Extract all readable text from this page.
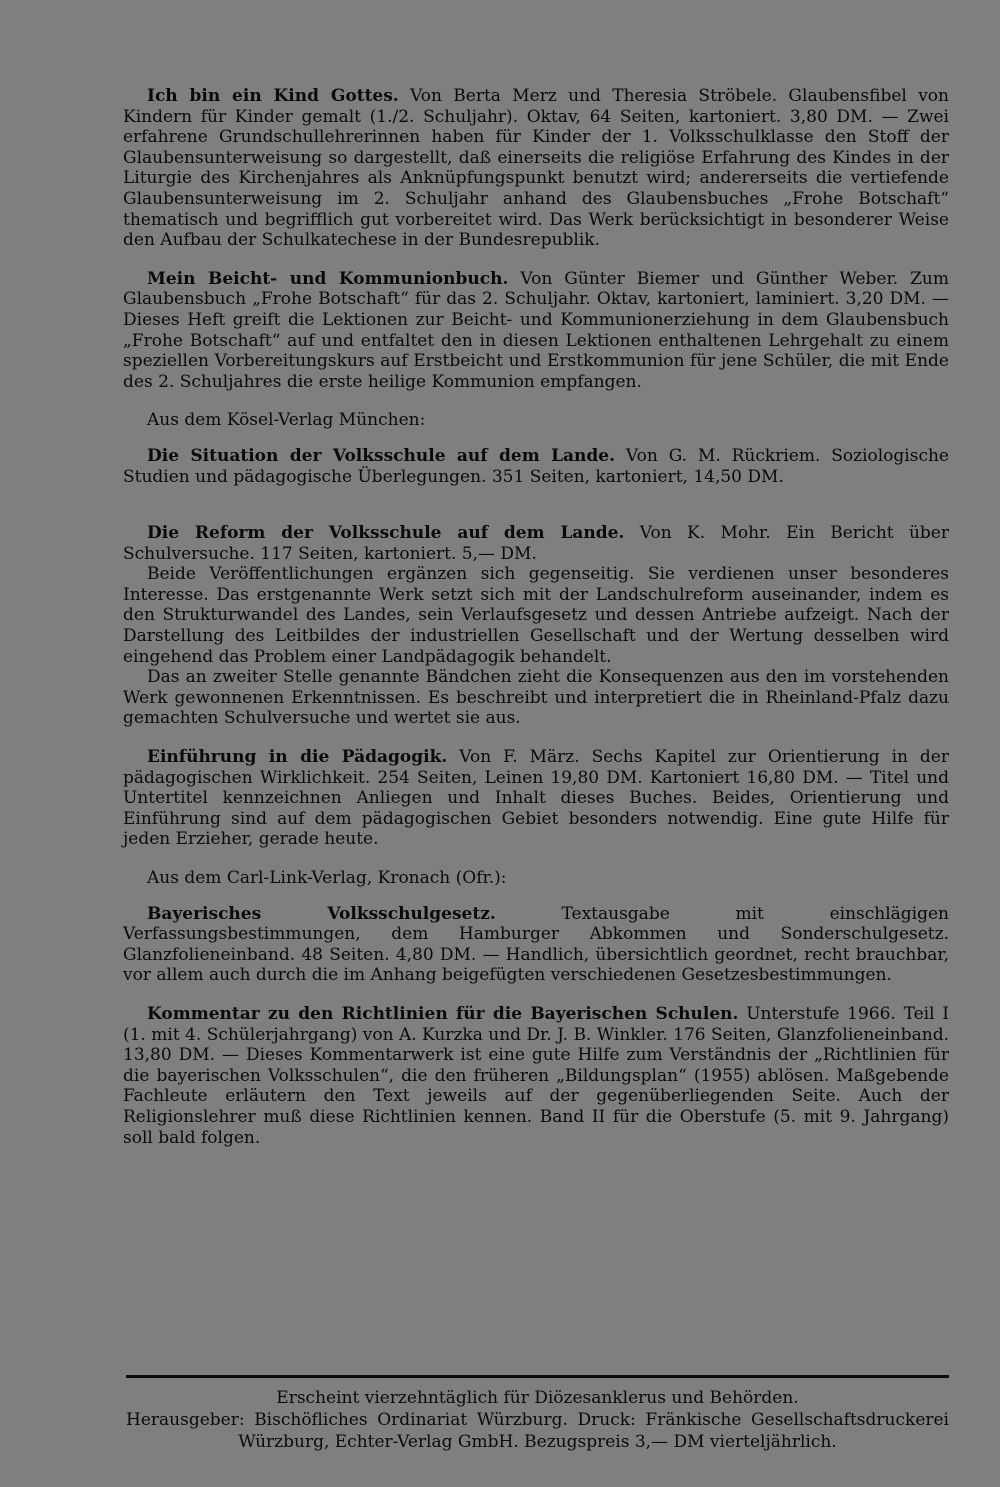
Ich bin ein Kind Gottes. Von Berta Merz und Theresia Ströbele. Glaubensfibel von Kindern für Kinder gemalt (1./2. Schuljahr). Oktav, 64 Seiten, kartoniert. 3,80 DM. — Zwei erfahrene Grundschullehrerinnen haben für Kinder der 1. Volksschulklasse den Stoff der Glaubensunterweisung so dargestellt, daß einerseits die religiöse Erfahrung des Kindes in der Liturgie des Kirchenjahres als Anknüpfungspunkt benutzt wird; andererseits die vertiefende Glaubensunterweisung im 2. Schuljahr anhand des Glaubensbuches „Frohe Botschaft“ thematisch und begrifflich gut vorbereitet wird. Das Werk berücksichtigt in besonderer Weise den Aufbau der Schulkatechese in der Bundesrepublik.

Mein Beicht- und Kommunionbuch. Von Günter Biemer und Günther Weber. Zum Glaubensbuch „Frohe Botschaft“ für das 2. Schuljahr. Oktav, kartoniert, laminiert. 3,20 DM. — Dieses Heft greift die Lektionen zur Beicht- und Kommunionerziehung in dem Glaubensbuch „Frohe Botschaft“ auf und entfaltet den in diesen Lektionen enthaltenen Lehrgehalt zu einem speziellen Vorbereitungskurs auf Erstbeicht und Erstkommunion für jene Schüler, die mit Ende des 2. Schuljahres die erste heilige Kommunion empfangen.

Aus dem Kösel-Verlag München:

Die Situation der Volksschule auf dem Lande. Von G. M. Rückriem. Soziologische Studien und pädagogische Überlegungen. 351 Seiten, kartoniert, 14,50 DM.

Die Reform der Volksschule auf dem Lande. Von K. Mohr. Ein Bericht über Schulversuche. 117 Seiten, kartoniert. 5,— DM.

Beide Veröffentlichungen ergänzen sich gegenseitig. Sie verdienen unser besonderes Interesse. Das erstgenannte Werk setzt sich mit der Landschulreform auseinander, indem es den Strukturwandel des Landes, sein Verlaufsgesetz und dessen Antriebe aufzeigt. Nach der Darstellung des Leitbildes der industriellen Gesellschaft und der Wertung desselben wird eingehend das Problem einer Landpädagogik behandelt.

Das an zweiter Stelle genannte Bändchen zieht die Konsequenzen aus den im vorstehenden Werk gewonnenen Erkenntnissen. Es beschreibt und interpretiert die in Rheinland-Pfalz dazu gemachten Schulversuche und wertet sie aus.

Einführung in die Pädagogik. Von F. März. Sechs Kapitel zur Orientierung in der pädagogischen Wirklichkeit. 254 Seiten, Leinen 19,80 DM. Kartoniert 16,80 DM. — Titel und Untertitel kennzeichnen Anliegen und Inhalt dieses Buches. Beides, Orientierung und Einführung sind auf dem pädagogischen Gebiet besonders notwendig. Eine gute Hilfe für jeden Erzieher, gerade heute.

Aus dem Carl-Link-Verlag, Kronach (Ofr.):

Bayerisches Volksschulgesetz. Textausgabe mit einschlägigen Verfassungsbestimmungen, dem Hamburger Abkommen und Sonderschulgesetz. Glanzfolieneinband. 48 Seiten. 4,80 DM. — Handlich, übersichtlich geordnet, recht brauchbar, vor allem auch durch die im Anhang beigefügten verschiedenen Gesetzesbestimmungen.

Kommentar zu den Richtlinien für die Bayerischen Schulen. Unterstufe 1966. Teil I (1. mit 4. Schülerjahrgang) von A. Kurzka und Dr. J. B. Winkler. 176 Seiten, Glanzfolieneinband. 13,80 DM. — Dieses Kommentarwerk ist eine gute Hilfe zum Verständnis der „Richtlinien für die bayerischen Volksschulen“, die den früheren „Bildungsplan“ (1955) ablösen. Maßgebende Fachleute erläutern den Text jeweils auf der gegenüberliegenden Seite. Auch der Religionslehrer muß diese Richtlinien kennen. Band II für die Oberstufe (5. mit 9. Jahrgang) soll bald folgen.

Erscheint vierzehntäglich für Diözesanklerus und Behörden.

Herausgeber: Bischöfliches Ordinariat Würzburg. Druck: Fränkische Gesellschaftsdruckerei Würzburg, Echter-Verlag GmbH. Bezugspreis 3,— DM vierteljährlich.
